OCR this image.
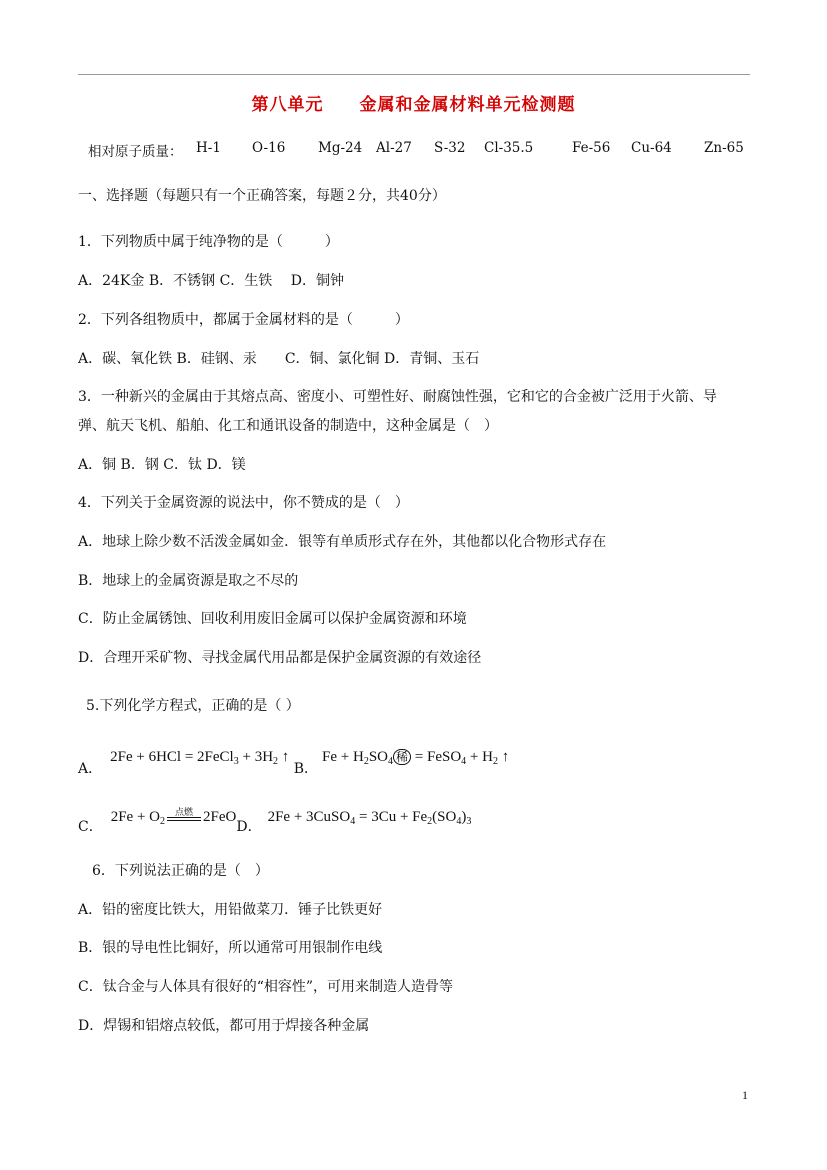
第八单元　　金属和金属材料单元检测题
相对原子质量： H-1 O-16 Mg-24 Al-27 S-32 Cl-35.5	Fe-56 Cu-64 Zn-65
一、选择题（每题只有一个正确答案，每题２分，共40分）
1．下列物质中属于纯净物的是（　　　）
A．24K金 B．不锈钢 C．生铁　 D．铜钟
2．下列各组物质中，都属于金属材料的是（　　　）
A．碳、氧化铁 B．硅钢、汞　　C．铜、氯化铜 D．青铜、玉石
3．一种新兴的金属由于其熔点高、密度小、可塑性好、耐腐蚀性强，它和它的合金被广泛用于火箭、导
弹、航天飞机、船舶、化工和通讯设备的制造中，这种金属是（　）
A．铜 B．钢 C．钛 D．镁
4．下列关于金属资源的说法中，你不赞成的是（　）
A．地球上除少数不活泼金属如金．银等有单质形式存在外，其他都以化合物形式存在
B．地球上的金属资源是取之不尽的
C．防止金属锈蚀、回收利用废旧金属可以保护金属资源和环境
D．合理开采矿物、寻找金属代用品都是保护金属资源的有效途径
5.下列化学方程式，正确的是（ ）
A．2Fe + 6HCl = 2FeCl$_3$ + $3H_2$ ↑ B．$Fe + H_2SO_4$ 稀 = FeSO$_4$ + $H_2$ ↑
C．$2Fe + O_2$
点燃 2FeOD．2Fe + 3CuSO$_4$ = $3Cu + Fe_2(SO_4)_3$
6．下列说法正确的是（　）
A．铅的密度比铁大，用铅做菜刀．锤子比铁更好
B．银的导电性比铜好，所以通常可用银制作电线
C．钛合金与人体具有很好的“相容性”，可用来制造人造骨等
D．焊锡和铝熔点较低，都可用于焊接各种金属
1
